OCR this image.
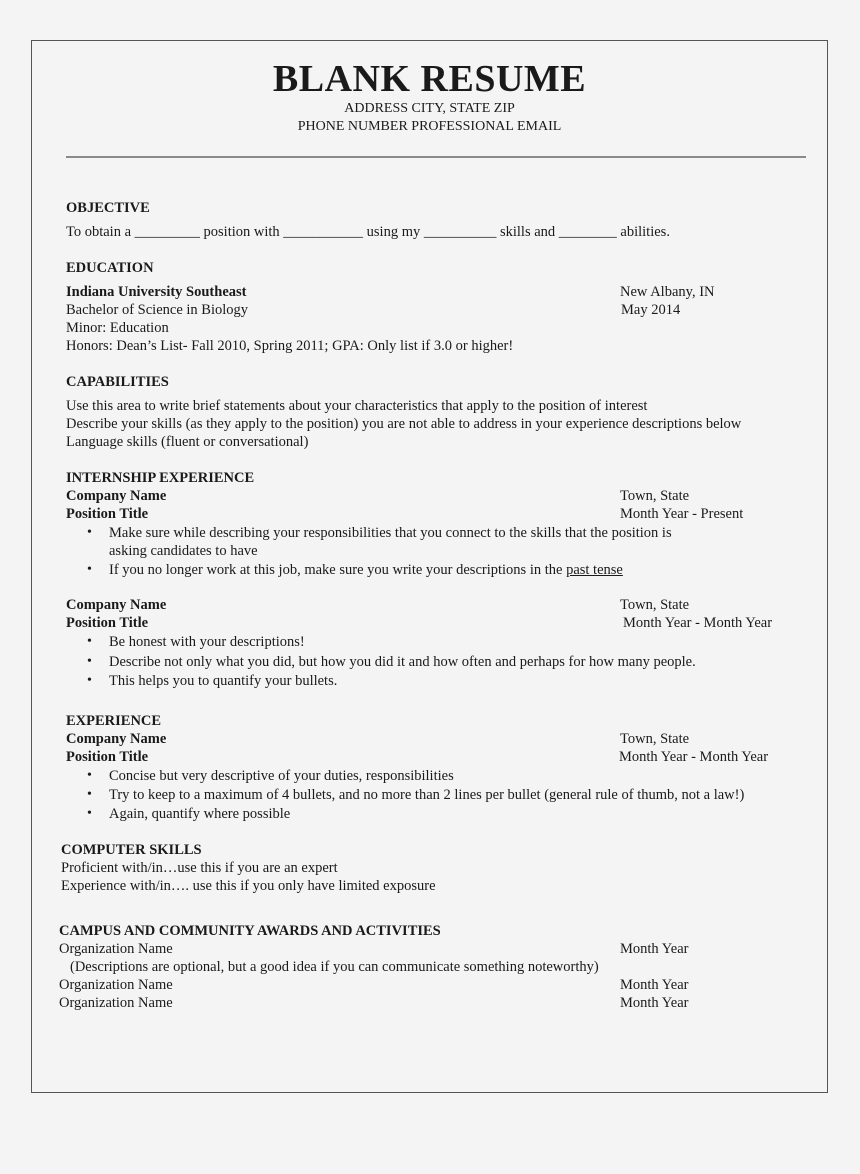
BLANK RESUME
ADDRESS CITY, STATE ZIP
PHONE NUMBER PROFESSIONAL EMAIL
OBJECTIVE
To obtain a _________ position with ___________ using my __________ skills and ________ abilities.
EDUCATION
Indiana University Southeast	New Albany, IN
Bachelor of Science in Biology	May 2014
Minor: Education
Honors: Dean’s List- Fall 2010, Spring 2011; GPA: Only list if 3.0 or higher!
CAPABILITIES
Use this area to write brief statements about your characteristics that apply to the position of interest
Describe your skills (as they apply to the position) you are not able to address in your experience descriptions below
Language skills (fluent or conversational)
INTERNSHIP EXPERIENCE
Company Name	Town, State
Position Title	Month Year - Present
• Make sure while describing your responsibilities that you connect to the skills that the position is
asking candidates to have
• If you no longer work at this job, make sure you write your descriptions in the past tense
Company Name	Town, State
Position Title	Month Year - Month Year
• Be honest with your descriptions!
• Describe not only what you did, but how you did it and how often and perhaps for how many people.
• This helps you to quantify your bullets.
EXPERIENCE
Company Name	Town, State
Position Title	Month Year - Month Year
• Concise but very descriptive of your duties, responsibilities
• Try to keep to a maximum of 4 bullets, and no more than 2 lines per bullet (general rule of thumb, not a law!)
• Again, quantify where possible
COMPUTER SKILLS
Proficient with/in…use this if you are an expert
Experience with/in…. use this if you only have limited exposure
CAMPUS AND COMMUNITY AWARDS AND ACTIVITIES
Organization Name	Month Year
(Descriptions are optional, but a good idea if you can communicate something noteworthy)
Organization Name	Month Year
Organization Name	Month Year
